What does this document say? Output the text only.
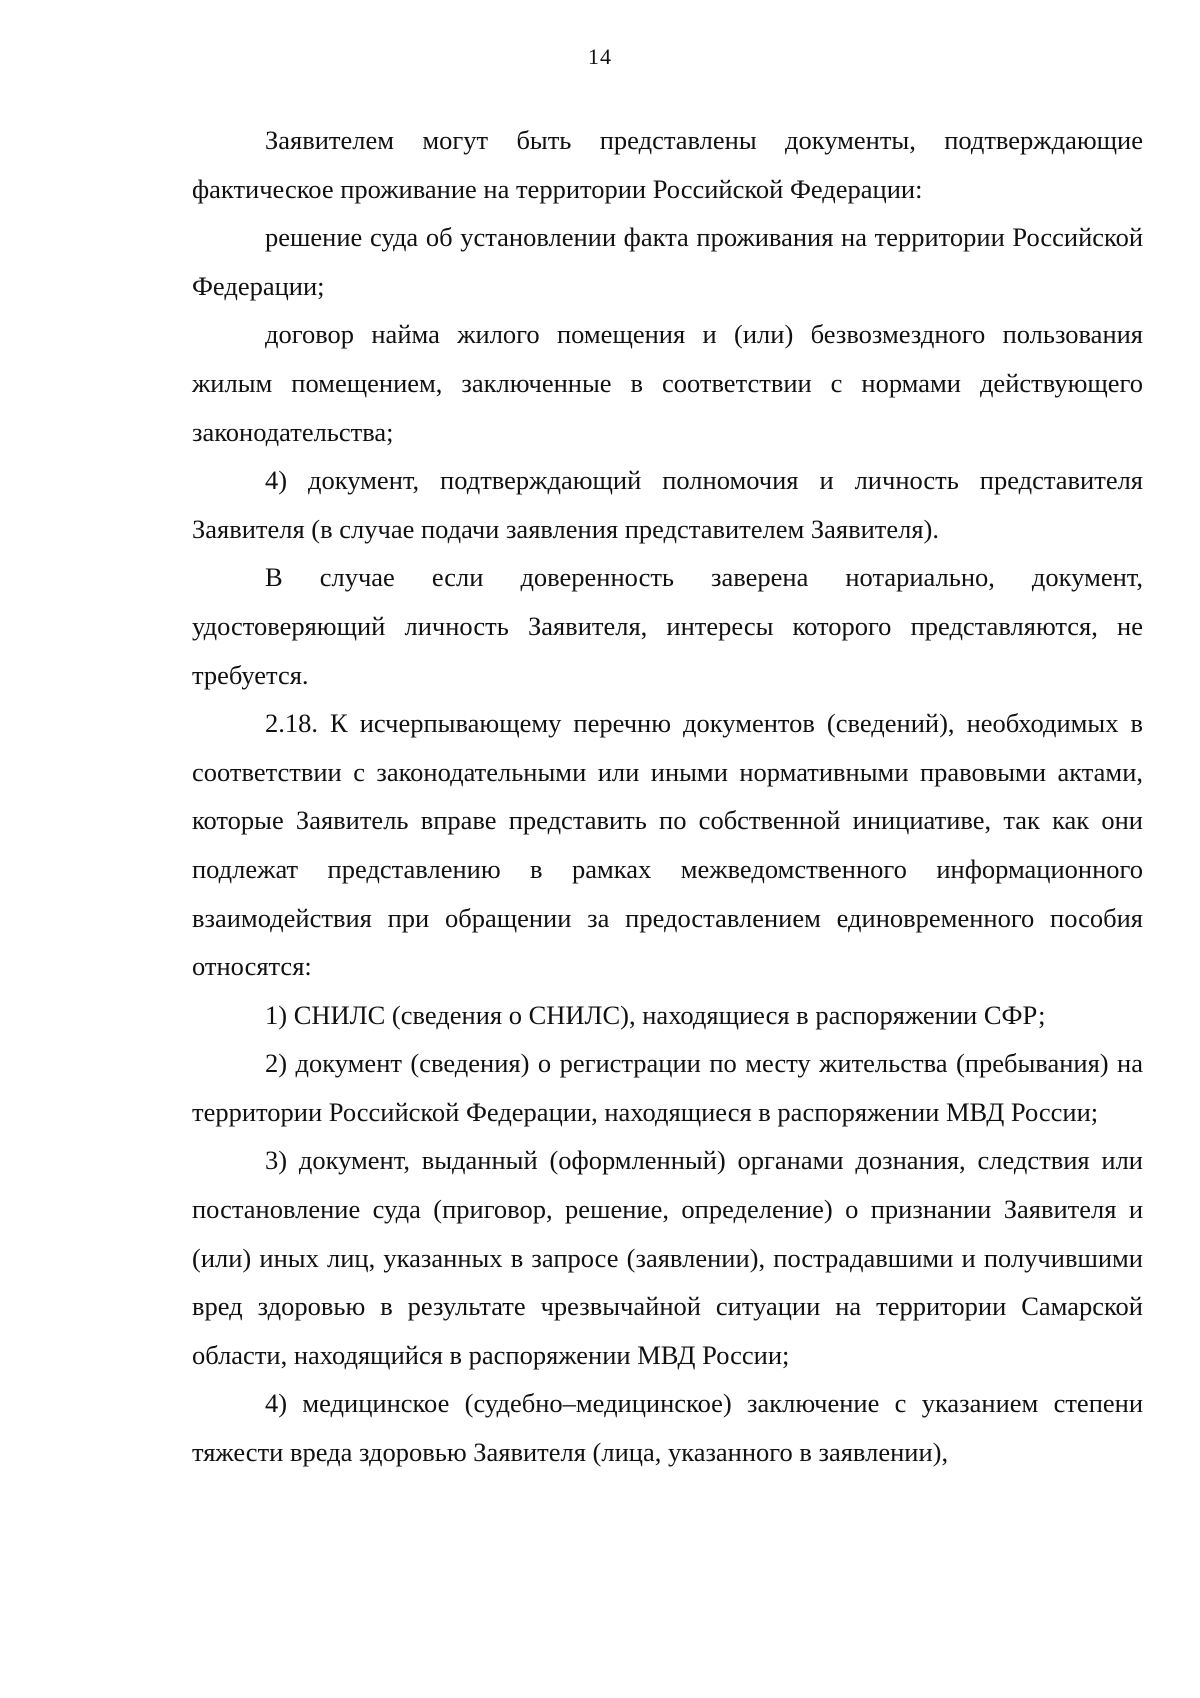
14

Заявителем могут быть представлены документы, подтверждающие фактическое проживание на территории Российской Федерации:

решение суда об установлении факта проживания на территории Российской Федерации;

договор найма жилого помещения и (или) безвозмездного пользования жилым помещением, заключенные в соответствии с нормами действующего законодательства;

4) документ, подтверждающий полномочия и личность представителя Заявителя (в случае подачи заявления представителем Заявителя).

В случае если доверенность заверена нотариально, документ, удостоверяющий личность Заявителя, интересы которого представляются, не требуется.

2.18. К исчерпывающему перечню документов (сведений), необходимых в соответствии с законодательными или иными нормативными правовыми актами, которые Заявитель вправе представить по собственной инициативе, так как они подлежат представлению в рамках межведомственного информационного взаимодействия при обращении за предоставлением единовременного пособия относятся:

1) СНИЛС (сведения о СНИЛС), находящиеся в распоряжении СФР;

2) документ (сведения) о регистрации по месту жительства (пребывания) на территории Российской Федерации, находящиеся в распоряжении МВД России;

3) документ, выданный (оформленный) органами дознания, следствия или постановление суда (приговор, решение, определение) о признании Заявителя и (или) иных лиц, указанных в запросе (заявлении), пострадавшими и получившими вред здоровью в результате чрезвычайной ситуации на территории Самарской области, находящийся в распоряжении МВД России;

4) медицинское (судебно–медицинское) заключение с указанием степени тяжести вреда здоровью Заявителя (лица, указанного в заявлении),
